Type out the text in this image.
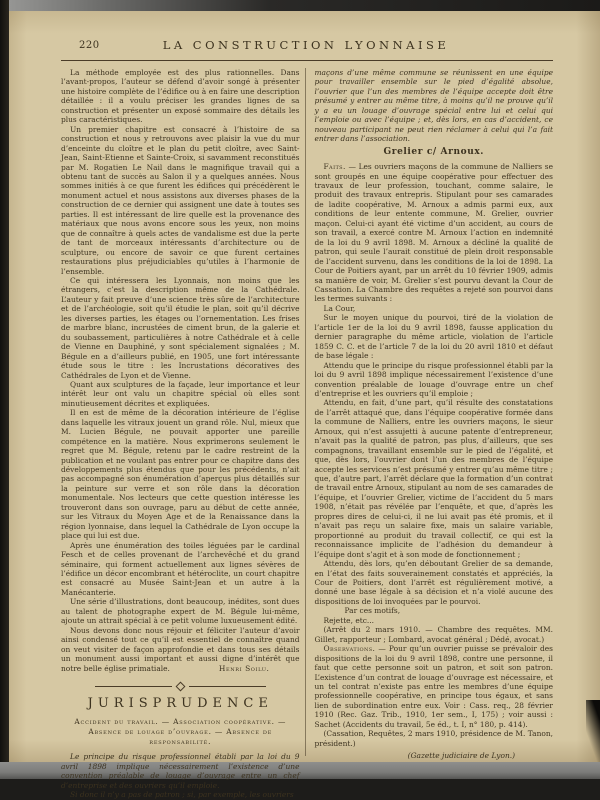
220	LA CONSTRUCTION LYONNAISE

La méthode employée est des plus rationnelles. Dans l’avant-propos, l’auteur se défend d’avoir songé à présenter une histoire complète de l’édifice ou à en faire une description détaillée : il a voulu préciser les grandes lignes de sa construction et présenter un exposé sommaire des détails les plus caractéristiques.

Un premier chapitre est consacré à l’histoire de sa construction et nous y retrouvons avec plaisir la vue du mur d’enceinte du cloître et le plan du petit cloître, avec Saint-Jean, Saint-Etienne et Sainte-Croix, si savamment reconstitués par M. Rogatien Le Nail dans le magnifique travail qui a obtenu tant de succès au Salon il y a quelques années. Nous sommes initiés à ce que furent les édifices qui précédèrent le monument actuel et nous assistons aux diverses phases de la construction de ce dernier qui assignent une date à toutes ses parties. Il est intéressant de lire quelle est la provenance des matériaux que nous avons encore sous les yeux, non moins que de connaître à quels actes de vandalisme est due la perte de tant de morceaux intéressants d’architecture ou de sculpture, ou encore de savoir ce que furent certaines restaurations plus préjudiciables qu’utiles à l’harmonie de l’ensemble.

Ce qui intéressera les Lyonnais, non moins que les étrangers, c’est la description même de la Cathédrale. L’auteur y fait preuve d’une science très sûre de l’architecture et de l’archéologie, soit qu’il étudie le plan, soit qu’il décrive les diverses parties, les étages ou l’ornementation. Les frises de marbre blanc, incrustées de ciment brun, de la galerie et du soubassement, particulières à notre Cathédrale et à celle de Vienne en Dauphiné, y sont spécialement signalées ; M. Bégule en a d’ailleurs publié, en 1905, une fort intéressante étude sous le titre : les Incrustations décoratives des Cathédrales de Lyon et de Vienne.

Quant aux sculptures de la façade, leur importance et leur intérêt leur ont valu un chapitre spécial où elles sont minutieusement décrites et expliquées.

Il en est de même de la décoration intérieure de l’église dans laquelle les vitraux jouent un grand rôle. Nul, mieux que M. Lucien Bégule, ne pouvait apporter une pareille compétence en la matière. Nous exprimerons seulement le regret que M. Bégule, retenu par le cadre restreint de la publication et ne voulant pas entrer pour ce chapitre dans des développements plus étendus que pour les précédents, n’ait pas accompagné son énumération d’aperçus plus détaillés sur la peinture sur verre et son rôle dans la décoration monumentale. Nos lecteurs que cette question intéresse les trouveront dans son ouvrage, paru au début de cette année, sur les Vitraux du Moyen Age et de la Renaissance dans la région lyonnaise, dans lequel la Cathédrale de Lyon occupe la place qui lui est due.

Après une énumération des toiles léguées par le cardinal Fesch et de celles provenant de l’archevêché et du grand séminaire, qui forment actuellement aux lignes sévères de l’édifice un décor encombrant et hétéroclite, un court chapitre est consacré au Musée Saint-Jean et un autre à la Manécanterie.

Une série d’illustrations, dont beaucoup, inédites, sont dues au talent de photographe expert de M. Bégule lui-même, ajoute un attrait spécial à ce petit volume luxueusement édité.

Nous devons donc nous réjouir et féliciter l’auteur d’avoir ainsi condensé tout ce qu’il est essentiel de connaître quand on veut visiter de façon approfondie et dans tous ses détails un monument aussi important et aussi digne d’intérêt que notre belle église primatiale.	Henri Soilu.

JURISPRUDENCE

Accident du travail. — Association coopérative. — Absence de louage d’ouvrage. — Absence de responsabilité.

Le principe du risque professionnel établi par la loi du 9 avril 1898 implique nécessairement l’existence d’une convention préalable de louage d’ouvrage entre un chef d’entreprise et des ouvriers qu’il emploie.

Si donc il n’y a pas de patron ; si, par exemple, les ouvriers

maçons d’une même commune se réunissent en une équipe pour travailler ensemble sur le pied d’égalité absolue, l’ouvrier que l’un des membres de l’équipe accepte doit être présumé y entrer au même titre, à moins qu’il ne prouve qu’il y a eu un louage d’ouvrage spécial entre lui et celui qui l’emploie ou avec l’équipe ; et, dès lors, en cas d’accident, ce nouveau participant ne peut rien réclamer à celui qui l’a fait entrer dans l’association.

Grelier c/ Arnoux.

Faits. — Les ouvriers maçons de la commune de Nalliers se sont groupés en une équipe coopérative pour effectuer des travaux de leur profession, touchant, comme salaire, le produit des travaux entrepris. Stipulant pour ses camarades de ladite coopérative, M. Arnoux a admis parmi eux, aux conditions de leur entente commune, M. Grelier, ouvrier maçon. Celui-ci ayant été victime d’un accident, au cours de son travail, a exercé contre M. Arnoux l’action en indemnité de la loi du 9 avril 1898. M. Arnoux a décliné la qualité de patron, qui seule l’aurait constitué de plein droit responsable de l’accident survenu, dans les conditions de la loi de 1898. La Cour de Poitiers ayant, par un arrêt du 10 février 1909, admis sa manière de voir, M. Grelier s’est pourvu devant la Cour de Cassation. La Chambre des requêtes a rejeté son pourvoi dans les termes suivants :

La Cour,

Sur le moyen unique du pourvoi, tiré de la violation de l’article 1er de la loi du 9 avril 1898, fausse application du dernier paragraphe du même article, violation de l’article 1859 C. C. et de l’article 7 de la loi du 20 avril 1810 et défaut de base légale :

Attendu que le principe du risque professionnel établi par la loi du 9 avril 1898 implique nécessairement l’existence d’une convention préalable de louage d’ouvrage entre un chef d’entreprise et les ouvriers qu’il emploie ;

Attendu, en fait, d’une part, qu’il résulte des constatations de l’arrêt attaqué que, dans l’équipe coopérative formée dans la commune de Nalliers, entre les ouvriers maçons, le sieur Arnoux, qui n’est assujetti à aucune patente d’entrepreneur, n’avait pas la qualité de patron, pas plus, d’ailleurs, que ses compagnons, travaillant ensemble sur le pied de l’égalité, et que, dès lors, l’ouvrier dont l’un des membres de l’équipe accepte les services n’est présumé y entrer qu’au même titre ; que, d’autre part, l’arrêt déclare que la formation d’un contrat de travail entre Arnoux, stipulant au nom de ses camarades de l’équipe, et l’ouvrier Grelier, victime de l’accident du 5 mars 1908, n’était pas révélée par l’enquête, et que, d’après les propres dires de celui-ci, il ne lui avait pas été promis, et il n’avait pas reçu un salaire fixe, mais un salaire variable, proportionné au produit du travail collectif, ce qui est la reconnaissance implicite de l’adhésion du demandeur à l’équipe dont s’agit et à son mode de fonctionnement ;

Attendu, dès lors, qu’en déboutant Grelier de sa demande, en l’état des faits souverainement constatés et appréciés, la Cour de Poitiers, dont l’arrêt est régulièrement motivé, a donné une base légale à sa décision et n’a violé aucune des dispositions de loi invoquées par le pourvoi.

Par ces motifs,

Rejette, etc...

(Arrêt du 2 mars 1910. — Chambre des requêtes. MM. Gillet, rapporteur ; Lombard, avocat général ; Dédé, avocat.)

Observations. — Pour qu’un ouvrier puisse se prévaloir des dispositions de la loi du 9 avril 1898, contre une personne, il faut que cette personne soit un patron, et soit son patron. L’existence d’un contrat de louage d’ouvrage est nécessaire, et un tel contrat n’existe pas entre les membres d’une équipe professionnelle coopérative, en principe tous égaux, et sans lien de subordination entre eux. Voir : Cass. req., 28 février 1910 (Rec. Gaz. Trib., 1910, 1er sem., I, 175) ; voir aussi : Sachet (Accidents du travail, 5e éd., t. I, n° 180, p. 414).

(Cassation, Requêtes, 2 mars 1910, présidence de M. Tanon, président.)

(Gazette judiciaire de Lyon.)
